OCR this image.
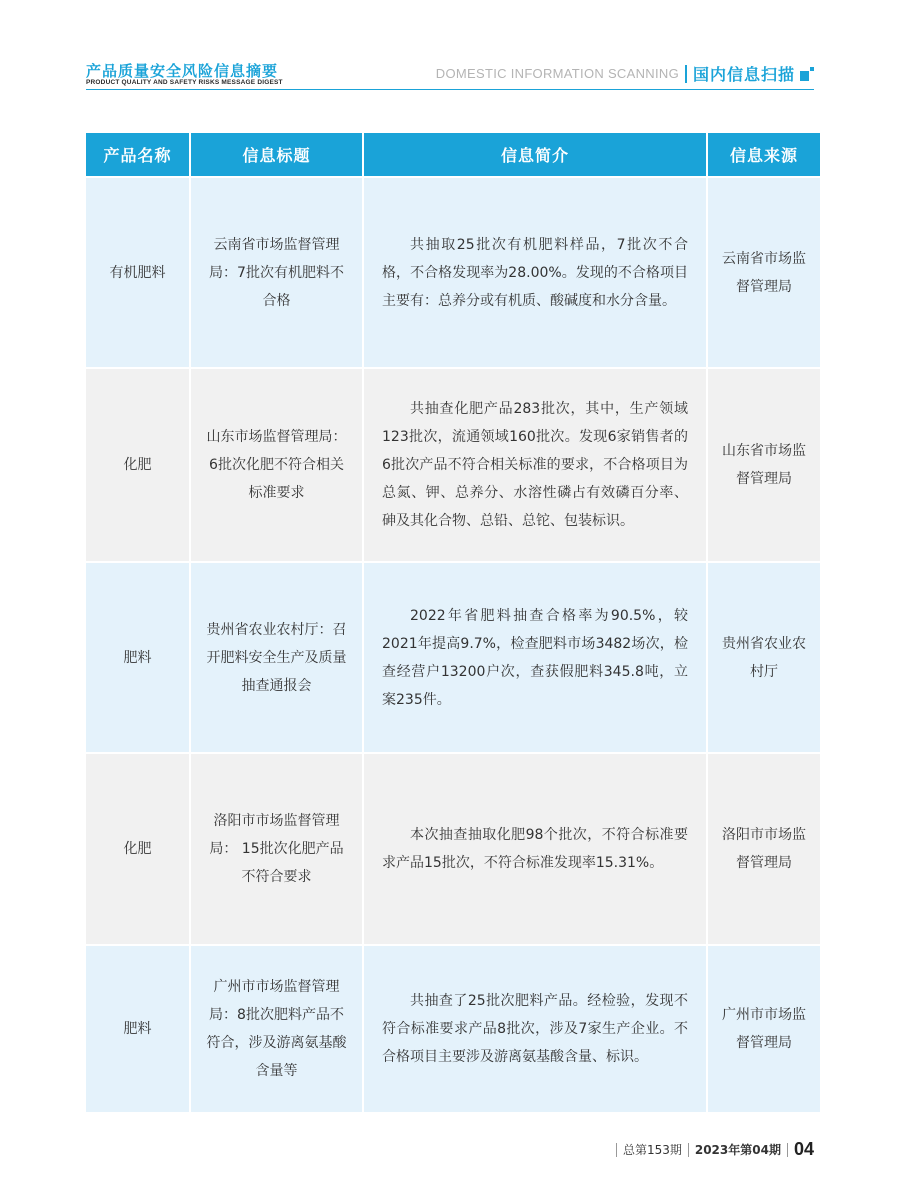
产品质量安全风险信息摘要
PRODUCT QUALITY AND SAFETY RISKS MESSAGE DIGEST
DOMESTIC INFORMATION SCANNING 国内信息扫描
产品名称	信息标题	信息简介	信息来源

有机肥料	云南省市场监督管理局：7批次有机肥料不合格	共抽取25批次有机肥料样品，7批次不合格，不合格发现率为28.00%。发现的不合格项目主要有：总养分或有机质、酸碱度和水分含量。	云南省市场监督管理局

化肥	山东市场监督管理局：6批次化肥不符合相关标准要求	共抽查化肥产品283批次，其中，生产领域123批次，流通领域160批次。发现6家销售者的6批次产品不符合相关标准的要求，不合格项目为总氮、钾、总养分、水溶性磷占有效磷百分率、砷及其化合物、总铅、总铊、包装标识。	山东省市场监督管理局

肥料	贵州省农业农村厅：召开肥料安全生产及质量抽查通报会	2022年省肥料抽查合格率为90.5%，较2021年提高9.7%，检查肥料市场3482场次，检查经营户13200户次，查获假肥料345.8吨，立案235件。	贵州省农业农村厅

化肥	洛阳市市场监督管理局： 15批次化肥产品不符合要求	本次抽查抽取化肥98个批次，不符合标准要求产品15批次，不符合标准发现率15.31%。	洛阳市市场监督管理局

肥料	广州市市场监督管理局：8批次肥料产品不符合，涉及游离氨基酸含量等	共抽查了25批次肥料产品。经检验，发现不符合标准要求产品8批次，涉及7家生产企业。不合格项目主要涉及游离氨基酸含量、标识。	广州市市场监督管理局
总第153期 2023年第04期 04
